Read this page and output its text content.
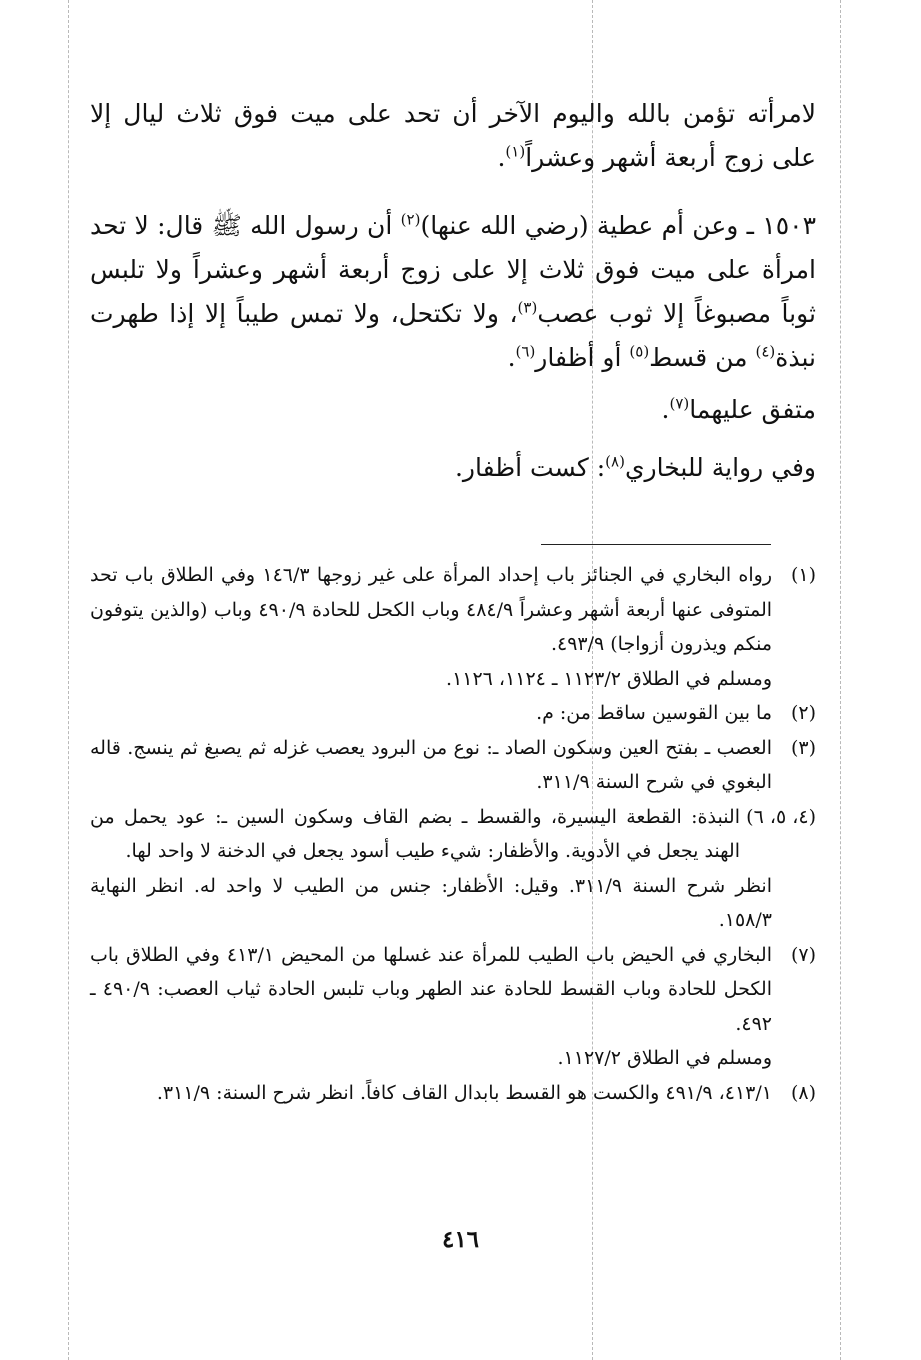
لامرأته تؤمن بالله واليوم الآخر أن تحد على ميت فوق ثلاث ليال إلا على زوج أربعة أشهر وعشراً$^{(١)}$.

١٥٠٣ ـ وعن أم عطية (رضي الله عنها)$^{(٢)}$ أن رسول الله ﷺ قال: لا تحد امرأة على ميت فوق ثلاث إلا على زوج أربعة أشهر وعشراً ولا تلبس ثوباً مصبوغاً إلا ثوب عصب$^{(٣)}$، ولا تكتحل، ولا تمس طيباً إلا إذا طهرت نبذة$^{(٤)}$ من قسط$^{(٥)}$ أو أظفار$^{(٦)}$.

متفق عليهما$^{(٧)}$.

وفي رواية للبخاري$^{(٨)}$: كست أظفار.

(١)
رواه البخاري في الجنائز باب إحداد المرأة على غير زوجها ١٤٦/٣ وفي الطلاق باب تحد المتوفى عنها أربعة أشهر وعشراً ٤٨٤/٩ وباب الكحل للحادة ٤٩٠/٩ وباب (والذين يتوفون منكم ويذرون أزواجا) ٤٩٣/٩.

ومسلم في الطلاق ١١٢٣/٢ ـ ١١٢٤، ١١٢٦.

(٢)
ما بين القوسين ساقط من: م.

(٣)
العصب ـ بفتح العين وسكون الصاد ـ: نوع من البرود يعصب غزله ثم يصبغ ثم ينسج. قاله البغوي في شرح السنة ٣١١/٩.

(٤، ٥، ٦)
النبذة: القطعة اليسيرة، والقسط ـ بضم القاف وسكون السين ـ: عود يحمل من الهند يجعل في الأدوية. والأظفار: شيء طيب أسود يجعل في الدخنة لا واحد لها.

انظر شرح السنة ٣١١/٩. وقيل: الأظفار: جنس من الطيب لا واحد له. انظر النهاية ١٥٨/٣.

(٧)
البخاري في الحيض باب الطيب للمرأة عند غسلها من المحيض ٤١٣/١ وفي الطلاق باب الكحل للحادة وباب القسط للحادة عند الطهر وباب تلبس الحادة ثياب العصب: ٤٩٠/٩ ـ ٤٩٢.

ومسلم في الطلاق ١١٢٧/٢.

(٨)
٤١٣/١، ٤٩١/٩ والكست هو القسط بابدال القاف كافاً. انظر شرح السنة: ٣١١/٩.

٤١٦
